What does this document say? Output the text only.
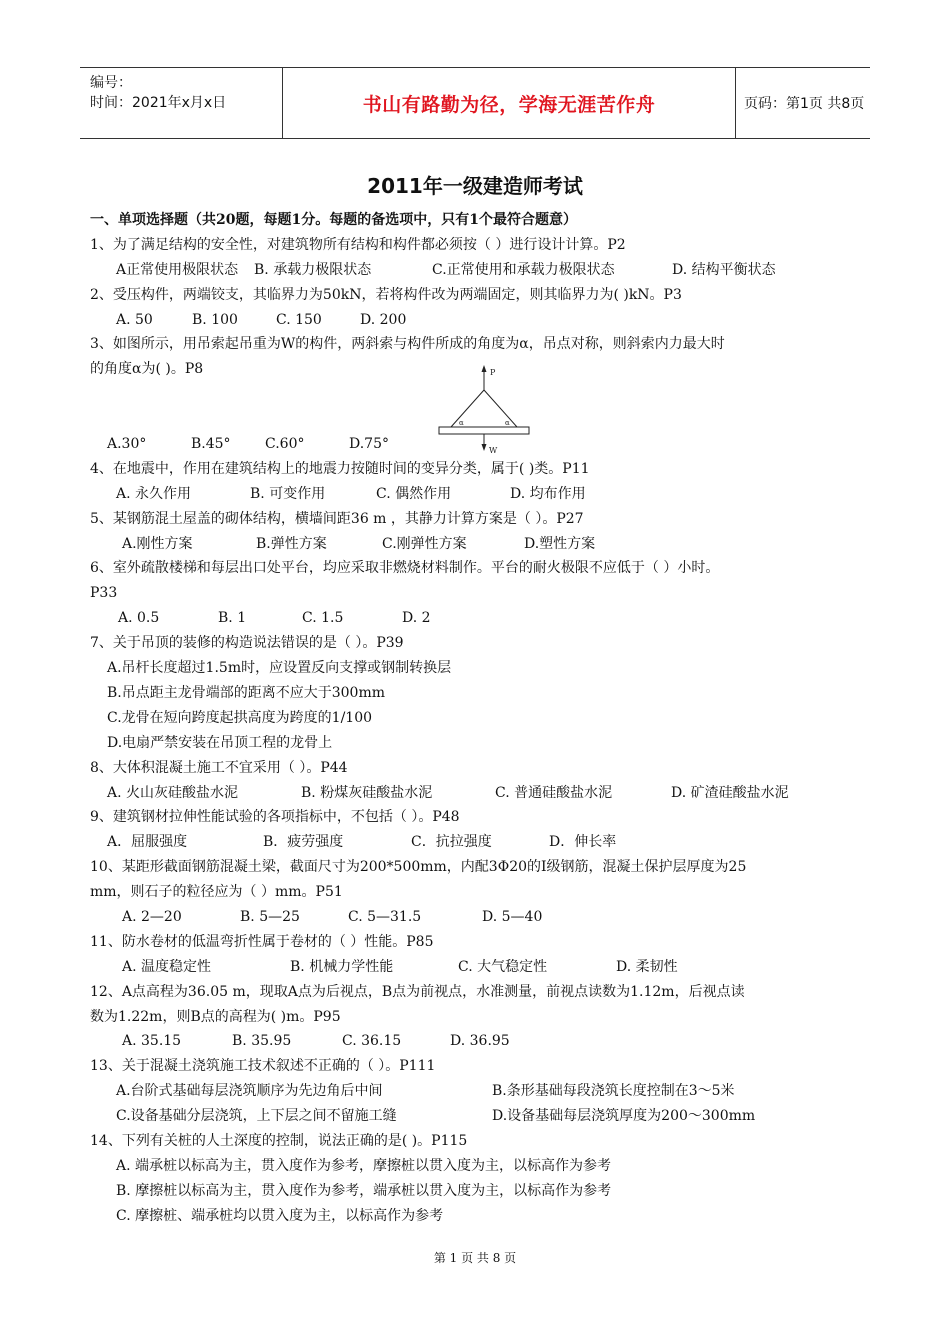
编号：
时间：2021年x月x日	书山有路勤为径，学海无涯苦作舟	页码：第1页 共8页
2011年一级建造师考试
一、单项选择题（共20题，每题1分。每题的备选项中，只有1个最符合题意）
1、为了满足结构的安全性，对建筑物所有结构和构件都必须按（ ）进行设计计算。P2
A正常使用极限状态 B. 承载力极限状态	C.正常使用和承载力极限状态	D. 结构平衡状态
2、受压构件，两端铰支，其临界力为50kN，若将构件改为两端固定，则其临界力为( )kN。P3
A. 50	B. 100	C. 150	D. 200
3、如图所示，用吊索起吊重为W的构件，两斜索与构件所成的角度为α，吊点对称，则斜索内力最大时
的角度α为( )。P8
A.30°	B.45° C.60°	D.75°
4、在地震中，作用在建筑结构上的地震力按随时间的变异分类，属于( )类。P11
A. 永久作用	B. 可变作用	C. 偶然作用	D. 均布作用
5、某钢筋混土屋盖的砌体结构，横墙间距36 m ，其静力计算方案是（ ）。P27
A.刚性方案	B.弹性方案	C.刚弹性方案	D.塑性方案
6、室外疏散楼梯和每层出口处平台，均应采取非燃烧材料制作。平台的耐火极限不应低于（ ）小时。
P33
A. 0.5	B. 1	C. 1.5	D. 2
7、关于吊顶的装修的构造说法错误的是（ ）。P39
A.吊杆长度超过1.5m时，应设置反向支撑或钢制转换层
B.吊点距主龙骨端部的距离不应大于300mm
C.龙骨在短向跨度起拱高度为跨度的1/100
D.电扇严禁安装在吊顶工程的龙骨上
8、大体积混凝土施工不宜采用（ ）。P44
A. 火山灰硅酸盐水泥	B. 粉煤灰硅酸盐水泥	C. 普通硅酸盐水泥	D. 矿渣硅酸盐水泥
9、建筑钢材拉伸性能试验的各项指标中，不包括（ ）。P48
A．屈服强度	B．疲劳强度	C．抗拉强度	D．伸长率
10、某距形截面钢筋混凝土梁，截面尺寸为200*500mm，内配3Φ20的Ⅰ级钢筋，混凝土保护层厚度为25
mm，则石子的粒径应为（ ）mm。P51
A. 2—20	B. 5—25	C. 5—31.5	D. 5—40
11、防水卷材的低温弯折性属于卷材的（ ）性能。P85
A. 温度稳定性	B. 机械力学性能	C. 大气稳定性	D. 柔韧性
12、A点高程为36.05 m，现取A点为后视点，B点为前视点，水准测量，前视点读数为1.12m，后视点读
数为1.22m，则B点的高程为( )m。P95
A. 35.15	B. 35.95	C. 36.15	D. 36.95
13、关于混凝土浇筑施工技术叙述不正确的（ ）。P111
A.台阶式基础每层浇筑顺序为先边角后中间	B.条形基础每段浇筑长度控制在3～5米
C.设备基础分层浇筑，上下层之间不留施工缝	D.设备基础每层浇筑厚度为200～300mm
14、下列有关桩的人土深度的控制，说法正确的是( )。P115
A. 端承桩以标高为主，贯入度作为参考，摩擦桩以贯入度为主，以标高作为参考
B. 摩擦桩以标高为主，贯入度作为参考，端承桩以贯入度为主，以标高作为参考
C. 摩擦桩、端承桩均以贯入度为主，以标高作为参考
P
α	α
W
第 1 页 共 8 页
